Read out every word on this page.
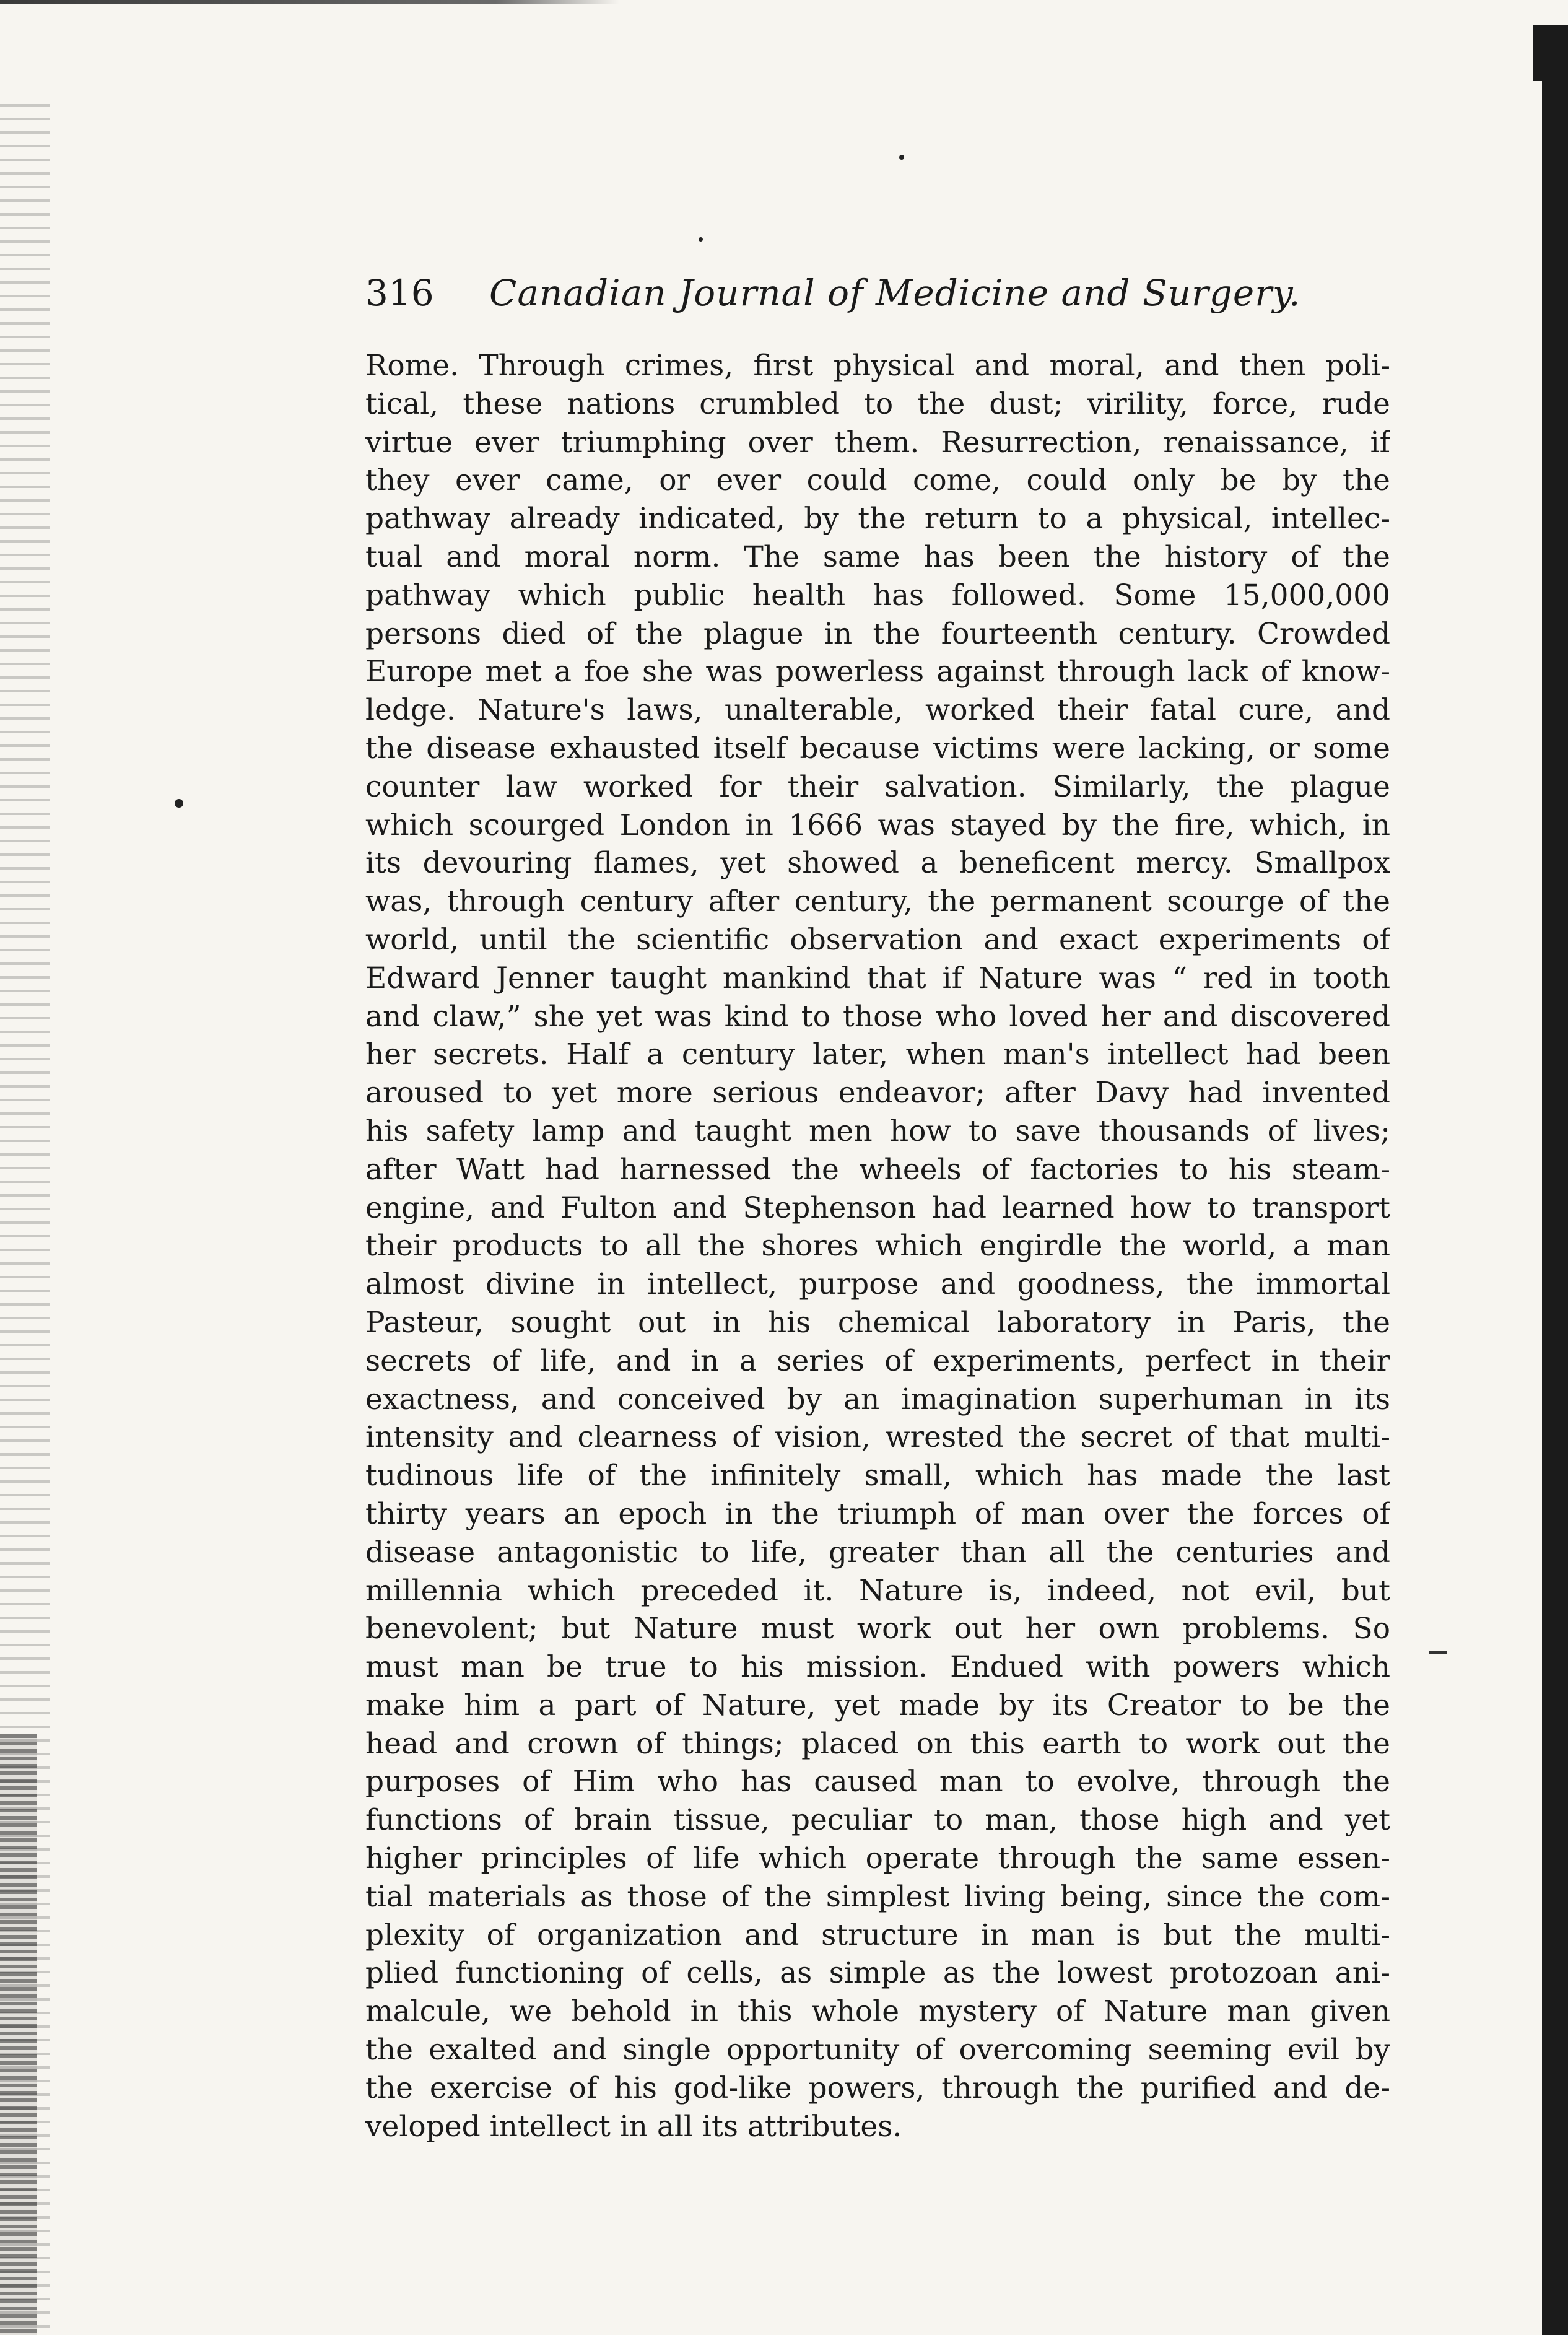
316 Canadian Journal of Medicine and Surgery.
Rome. Through crimes, first physical and moral, and then poli-
tical, these nations crumbled to the dust; virility, force, rude
virtue ever triumphing over them. Resurrection, renaissance, if
they ever came, or ever could come, could only be by the
pathway already indicated, by the return to a physical, intellec-
tual and moral norm. The same has been the history of the
pathway which public health has followed. Some 15,000,000
persons died of the plague in the fourteenth century. Crowded
Europe met a foe she was powerless against through lack of know-
ledge. Nature's laws, unalterable, worked their fatal cure, and
the disease exhausted itself because victims were lacking, or some
counter law worked for their salvation. Similarly, the plague
which scourged London in 1666 was stayed by the fire, which, in
its devouring flames, yet showed a beneficent mercy. Smallpox
was, through century after century, the permanent scourge of the
world, until the scientific observation and exact experiments of
Edward Jenner taught mankind that if Nature was “ red in tooth
and claw,” she yet was kind to those who loved her and discovered
her secrets. Half a century later, when man's intellect had been
aroused to yet more serious endeavor; after Davy had invented
his safety lamp and taught men how to save thousands of lives;
after Watt had harnessed the wheels of factories to his steam-
engine, and Fulton and Stephenson had learned how to transport
their products to all the shores which engirdle the world, a man
almost divine in intellect, purpose and goodness, the immortal
Pasteur, sought out in his chemical laboratory in Paris, the
secrets of life, and in a series of experiments, perfect in their
exactness, and conceived by an imagination superhuman in its
intensity and clearness of vision, wrested the secret of that multi-
tudinous life of the infinitely small, which has made the last
thirty years an epoch in the triumph of man over the forces of
disease antagonistic to life, greater than all the centuries and
millennia which preceded it. Nature is, indeed, not evil, but
benevolent; but Nature must work out her own problems. So
must man be true to his mission. Endued with powers which
make him a part of Nature, yet made by its Creator to be the
head and crown of things; placed on this earth to work out the
purposes of Him who has caused man to evolve, through the
functions of brain tissue, peculiar to man, those high and yet
higher principles of life which operate through the same essen-
tial materials as those of the simplest living being, since the com-
plexity of organization and structure in man is but the multi-
plied functioning of cells, as simple as the lowest protozoan ani-
malcule, we behold in this whole mystery of Nature man given
the exalted and single opportunity of overcoming seeming evil by
the exercise of his god-like powers, through the purified and de-
veloped intellect in all its attributes.
